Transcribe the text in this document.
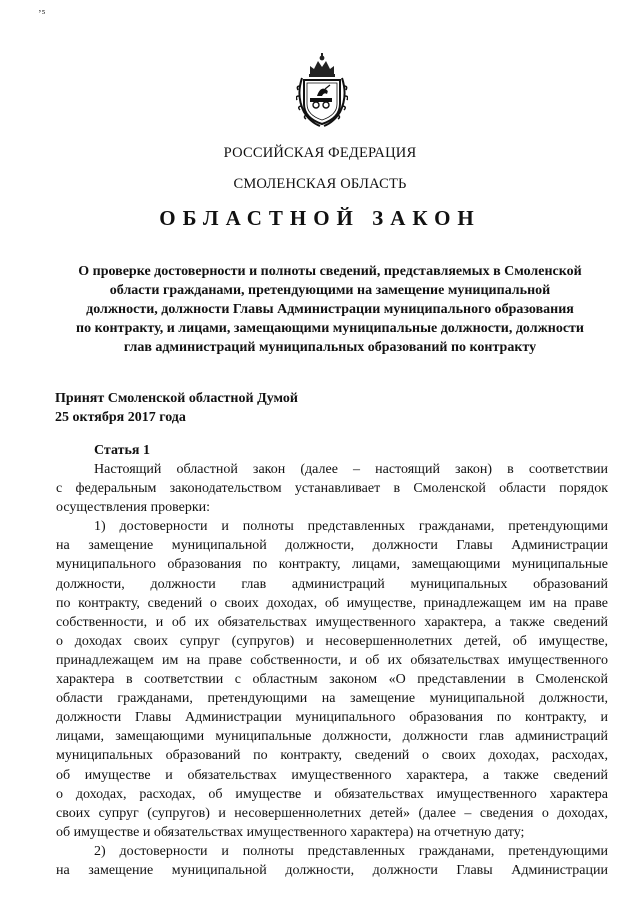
ʼ⁵
РОССИЙСКАЯ ФЕДЕРАЦИЯ
СМОЛЕНСКАЯ ОБЛАСТЬ
ОБЛАСТНОЙ ЗАКОН
О проверке достоверности и полноты сведений, представляемых в Смоленской
области гражданами, претендующими на замещение муниципальной
должности, должности Главы Администрации муниципального образования
по контракту, и лицами, замещающими муниципальные должности, должности
глав администраций муниципальных образований по контракту
Принят Смоленской областной Думой
25 октября 2017 года
Статья 1
Настоящий областной закон (далее – настоящий закон) в соответствии
с федеральным законодательством устанавливает в Смоленской области порядок
осуществления проверки:
1) достоверности и полноты представленных гражданами, претендующими
на замещение муниципальной должности, должности Главы Администрации
муниципального образования по контракту, лицами, замещающими муниципальные
должности, должности глав администраций муниципальных образований
по контракту, сведений о своих доходах, об имуществе, принадлежащем им на праве
собственности, и об их обязательствах имущественного характера, а также сведений
о доходах своих супруг (супругов) и несовершеннолетних детей, об имуществе,
принадлежащем им на праве собственности, и об их обязательствах имущественного
характера в соответствии с областным законом «О представлении в Смоленской
области гражданами, претендующими на замещение муниципальной должности,
должности Главы Администрации муниципального образования по контракту, и
лицами, замещающими муниципальные должности, должности глав администраций
муниципальных образований по контракту, сведений о своих доходах, расходах,
об имуществе и обязательствах имущественного характера, а также сведений
о доходах, расходах, об имуществе и обязательствах имущественного характера
своих супруг (супругов) и несовершеннолетних детей» (далее – сведения о доходах,
об имуществе и обязательствах имущественного характера) на отчетную дату;
2) достоверности и полноты представленных гражданами, претендующими
на замещение муниципальной должности, должности Главы Администрации
